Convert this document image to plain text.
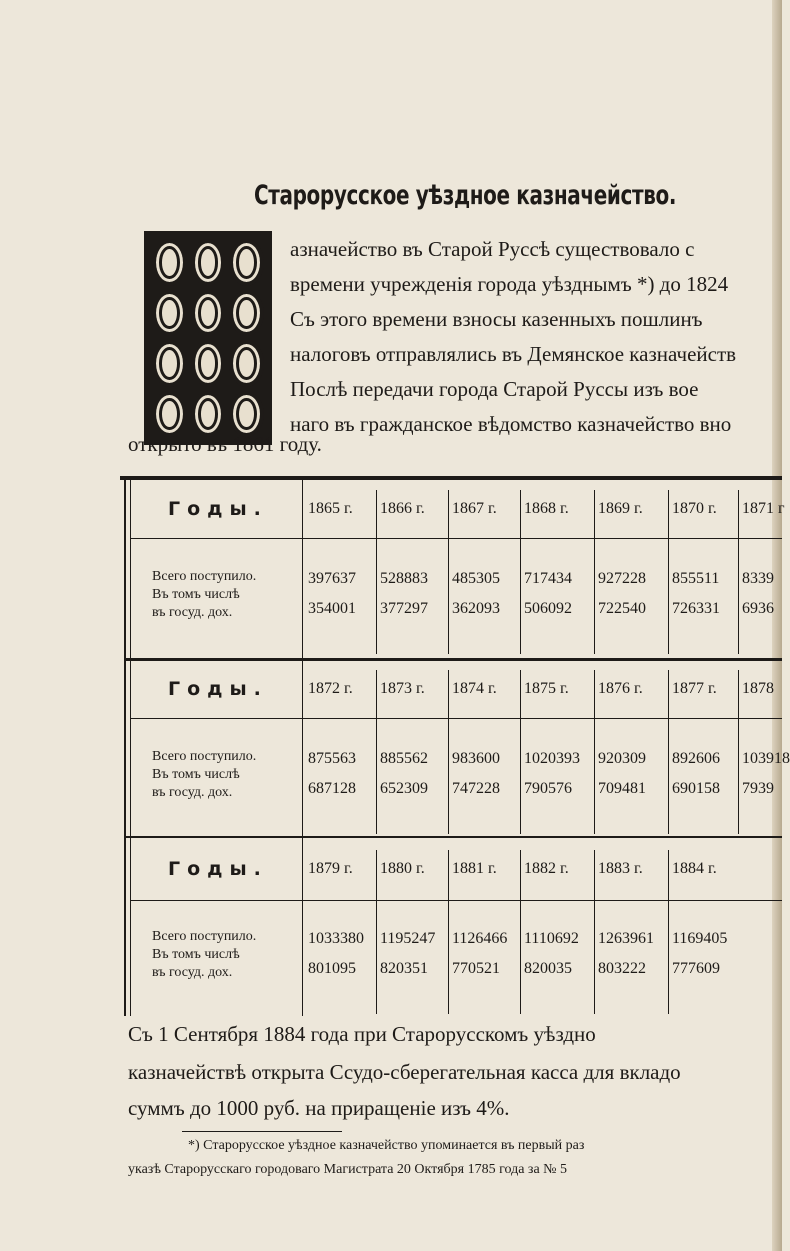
Старорусское уѣздное казначейство.
азначейство въ Старой Руссѣ существовало с
времени учрежденія города уѣзднымъ *) до 1824
Съ этого времени взносы казенныхъ пошлинъ
налоговъ отправлялись въ Демянское казначейств
Послѣ передачи города Старой Руссы изъ вое
наго въ гражданское вѣдомство казначейство вно
открыто въ 1861 году.
Годы.
Всего поступило.
Въ томъ числѣ
въ госуд. дох.
1865 г.
397637
354001
1866 г.
528883
377297
1867 г.
485305
362093
1868 г.
717434
506092
1869 г.
927228
722540
1870 г.
855511
726331
1871 г
8339
6936
Годы.
Всего поступило.
Въ томъ числѣ
въ госуд. дох.
1872 г.
875563
687128
1873 г.
885562
652309
1874 г.
983600
747228
1875 г.
1020393
790576
1876 г.
920309
709481
1877 г.
892606
690158
1878
103918
7939
Годы.
Всего поступило.
Въ томъ числѣ
въ госуд. дох.
1879 г.
1033380
801095
1880 г.
1195247
820351
1881 г.
1126466
770521
1882 г.
1110692
820035
1883 г.
1263961
803222
1884 г.
1169405
777609
Съ 1 Сентября 1884 года при Старорусскомъ уѣздно
казначействѣ открыта Ссудо-сберегательная касса для вкладо
суммъ до 1000 руб. на приращеніе изъ 4%.
*) Старорусское уѣздное казначейство упоминается въ первый раз
указѣ Старорусскаго городоваго Магистрата 20 Октября 1785 года за № 5
